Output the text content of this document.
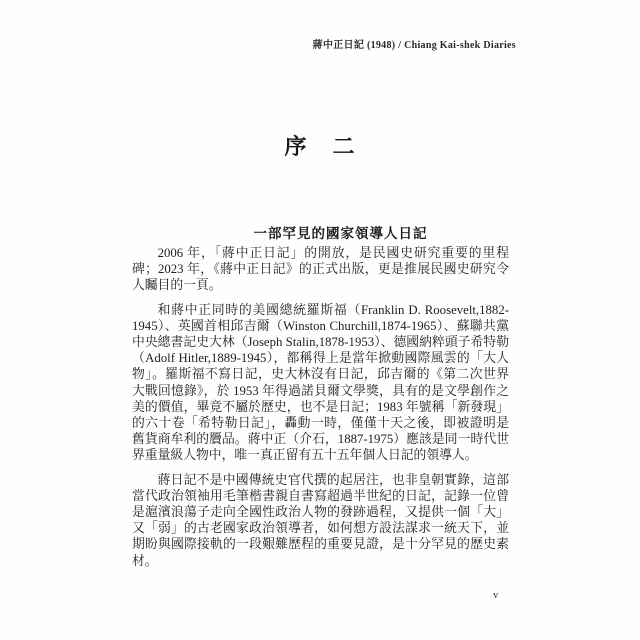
蔣中正日記 (1948) / Chiang Kai-shek Diaries
序　二
一部罕見的國家領導人日記

2006 年，「蔣中正日記」的開放，是民國史研究重要的里程碑；2023 年，《蔣中正日記》的正式出版，更是推展民國史研究令人矚目的一頁。

和蔣中正同時的美國總統羅斯福（Franklin D. Roosevelt,1882-1945）、英國首相邱吉爾（Winston Churchill,1874-1965）、蘇聯共黨中央總書記史大林（Joseph Stalin,1878-1953）、德國納粹頭子希特勒（Adolf Hitler,1889-1945），都稱得上是當年掀動國際風雲的「大人物」。羅斯福不寫日記，史大林沒有日記，邱吉爾的《第二次世界大戰回憶錄》，於 1953 年得過諾貝爾文學獎，具有的是文學創作之美的價值，畢竟不屬於歷史，也不是日記；1983 年號稱「新發現」的六十卷「希特勒日記」，轟動一時，僅僅十天之後，即被證明是舊貨商牟利的贗品。蔣中正（介石，1887-1975）應該是同一時代世界重量級人物中，唯一真正留有五十五年個人日記的領導人。

蔣日記不是中國傳統史官代撰的起居注，也非皇朝實錄，這部當代政治領袖用毛筆楷書親自書寫超過半世紀的日記，記錄一位曾是滬濱浪蕩子走向全國性政治人物的發跡過程，又提供一個「大」又「弱」的古老國家政治領導者，如何想方設法謀求一統天下，並期盼與國際接軌的一段艱難歷程的重要見證，是十分罕見的歷史素材。

v
